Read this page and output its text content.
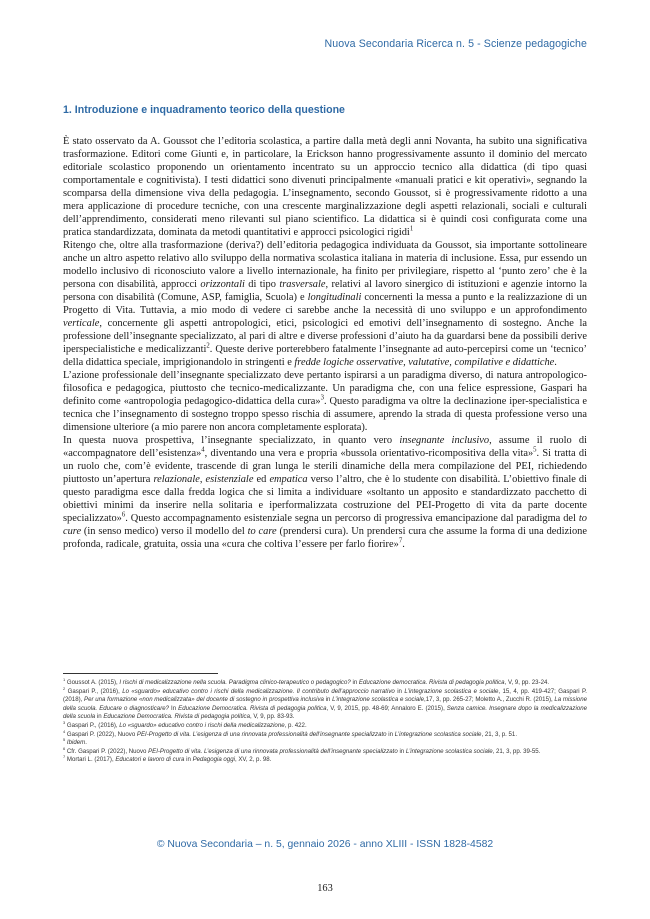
Nuova Secondaria Ricerca n. 5 - Scienze pedagogiche
1. Introduzione e inquadramento teorico della questione

È stato osservato da A. Goussot che l’editoria scolastica, a partire dalla metà degli anni Novanta, ha subito una significativa trasformazione. Editori come Giunti e, in particolare, la Erickson hanno progressivamente assunto il dominio del mercato editoriale scolastico proponendo un orientamento incentrato su un approccio tecnico alla didattica (di tipo quasi comportamentale e cognitivista). I testi didattici sono divenuti principalmente «manuali pratici e kit operativi», segnando la scomparsa della dimensione viva della pedagogia. L’insegnamento, secondo Goussot, si è progressivamente ridotto a una mera applicazione di procedure tecniche, con una crescente marginalizzazione degli aspetti relazionali, sociali e culturali dell’apprendimento, considerati meno rilevanti sul piano scientifico. La didattica si è quindi così configurata come una pratica standardizzata, dominata da metodi quantitativi e approcci psicologici rigidi$^1$

Ritengo che, oltre alla trasformazione (deriva?) dell’editoria pedagogica individuata da Goussot, sia importante sottolineare anche un altro aspetto relativo allo sviluppo della normativa scolastica italiana in materia di inclusione. Essa, pur essendo un modello inclusivo di riconosciuto valore a livello internazionale, ha finito per privilegiare, rispetto al ‘punto zero’ che è la persona con disabilità, approcci orizzontali di tipo trasversale, relativi al lavoro sinergico di istituzioni e agenzie intorno la persona con disabilità (Comune, ASP, famiglia, Scuola) e longitudinali concernenti la messa a punto e la realizzazione di un Progetto di Vita. Tuttavia, a mio modo di vedere ci sarebbe anche la necessità di uno sviluppo e un approfondimento verticale, concernente gli aspetti antropologici, etici, psicologici ed emotivi dell’insegnamento di sostegno. Anche la professione dell’insegnante specializzato, al pari di altre e diverse professioni d’aiuto ha da guardarsi bene da possibili derive iperspecialistiche e medicalizzanti$^2$. Queste derive porterebbero fatalmente l’insegnante ad auto-percepirsi come un ‘tecnico’ della didattica speciale, imprigionandolo in stringenti e fredde logiche osservative, valutative, compilative e didattiche.

L’azione professionale dell’insegnante specializzato deve pertanto ispirarsi a un paradigma diverso, di natura antropologico-filosofica e pedagogica, piuttosto che tecnico-medicalizzante. Un paradigma che, con una felice espressione, Gaspari ha definito come «antropologia pedagogico-didattica della cura»$^3$. Questo paradigma va oltre la declinazione iper-specialistica e tecnica che l’insegnamento di sostegno troppo spesso rischia di assumere, aprendo la strada di questa professione verso una dimensione ulteriore (a mio parere non ancora completamente esplorata).

In questa nuova prospettiva, l’insegnante specializzato, in quanto vero insegnante inclusivo, assume il ruolo di «accompagnatore dell’esistenza»$^4$, diventando una vera e propria «bussola orientativo-ricompositiva della vita»$^5$. Si tratta di un ruolo che, com’è evidente, trascende di gran lunga le sterili dinamiche della mera compilazione del PEI, richiedendo piuttosto un’apertura relazionale, esistenziale ed empatica verso l’altro, che è lo studente con disabilità. L’obiettivo finale di questo paradigma esce dalla fredda logica che si limita a individuare «soltanto un apposito e standardizzato pacchetto di obiettivi minimi da inserire nella solitaria e iperformalizzata costruzione del PEI-Progetto di vita da parte docente specializzato»$^6$. Questo accompagnamento esistenziale segna un percorso di progressiva emancipazione dal paradigma del to cure (in senso medico) verso il modello del to care (prendersi cura). Un prendersi cura che assume la forma di una dedizione profonda, radicale, gratuita, ossia una «cura che coltiva l’essere per farlo fiorire»$^7$.

$^1$ Goussot A. (2015), I rischi di medicalizzazione nella scuola. Paradigma clinico-terapeutico o pedagogico? in Educazione democratica. Rivista di pedagogia politica, V, 9, pp. 23-24.
$^2$ Gaspari P., (2016), Lo «sguardo» educativo contro i rischi della medicalizzazione. Il contributo dell’approccio narrativo in L’integrazione scolastica e sociale, 15, 4, pp. 419-427; Gaspari P. (2018), Per una formazione «non medicalizzata» del docente di sostegno in prospettiva inclusiva in L’integrazione scolastica e sociale,17, 3, pp. 265-27; Moletto A., Zucchi R. (2015), La missione della scuola. Educare o diagnosticare? In Educazione Democratica. Rivista di pedagogia politica, V, 9, 2015, pp. 48-69; Annaloro E. (2015), Senza camice. Insegnare dopo la medicalizzazione della scuola in Educazione Democratica. Rivista di pedagogia politica, V, 9, pp. 83-93.
$^3$ Gaspari P., (2016), Lo «sguardo» educativo contro i rischi della medicalizzazione, p. 422.
$^4$ Gaspari P. (2022), Nuovo PEI-Progetto di vita. L’esigenza di una rinnovata professionalità dell’insegnante specializzato in L’integrazione scolastica sociale, 21, 3, p. 51.
$^5$ Ibidem.
$^6$ Cfr. Gaspari P. (2022), Nuovo PEI-Progetto di vita. L’esigenza di una rinnovata professionalità dell’insegnante specializzato in L’integrazione scolastica sociale, 21, 3, pp. 39-55.
$^7$ Mortari L. (2017), Educatori e lavoro di cura in Pedagogia oggi, XV, 2, p. 98.
© Nuova Secondaria – n. 5, gennaio 2026 - anno XLIII - ISSN 1828-4582
163
